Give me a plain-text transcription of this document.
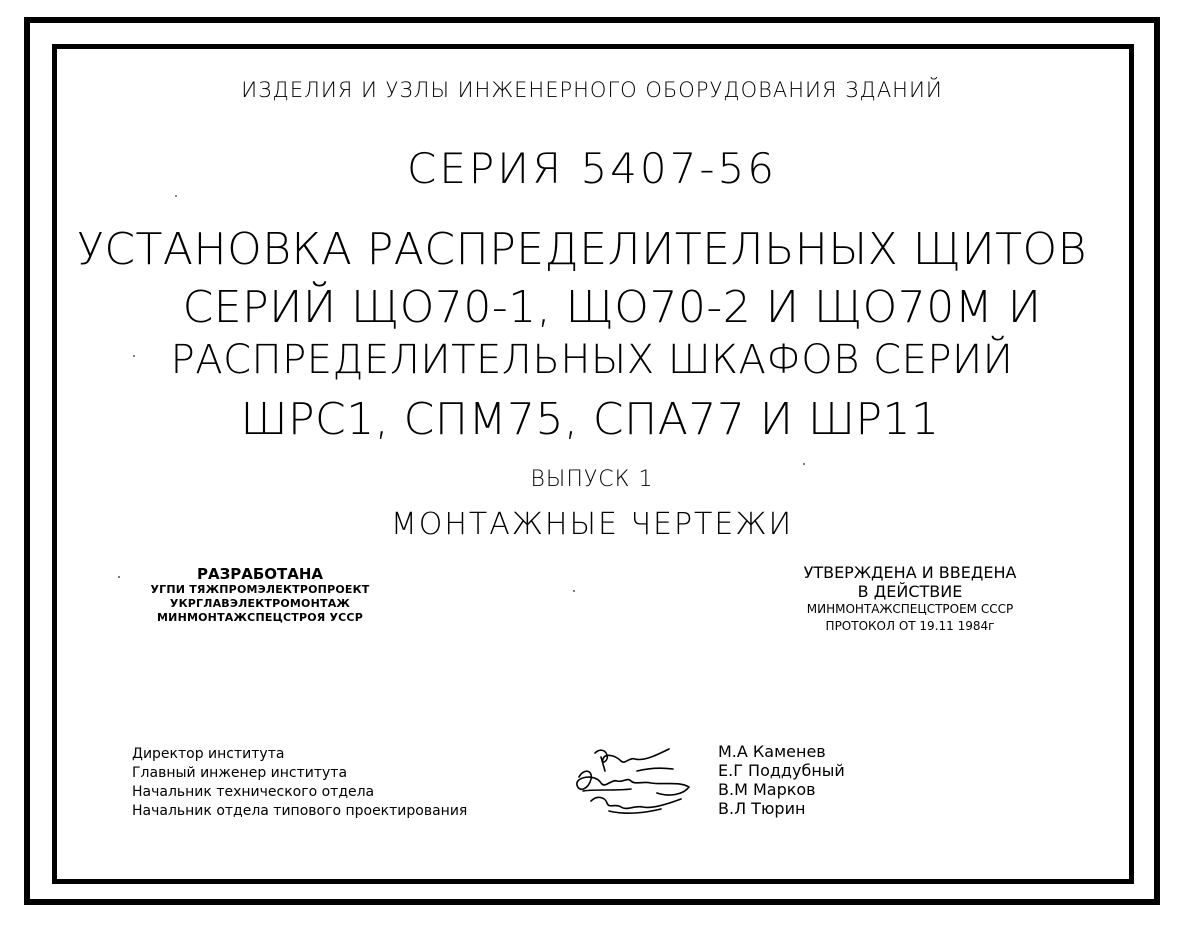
ИЗДЕЛИЯ И УЗЛЫ ИНЖЕНЕРНОГО ОБОРУДОВАНИЯ ЗДАНИЙ
СЕРИЯ 5407-56
УСТАНОВКА РАСПРЕДЕЛИТЕЛЬНЫХ ЩИТОВ
СЕРИЙ ЩО70-1, ЩО70-2 И ЩО70М И
РАСПРЕДЕЛИТЕЛЬНЫХ ШКАФОВ СЕРИЙ
ШРС1, СПМ75, СПА77 И ШР11
ВЫПУСК 1
МОНТАЖНЫЕ ЧЕРТЕЖИ
РАЗРАБОТАНА
УГПИ ТЯЖПРОМЭЛЕКТРОПРОЕКТ
УКРГЛАВЭЛЕКТРОМОНТАЖ
МИНМОНТАЖСПЕЦСТРОЯ УССР
УТВЕРЖДЕНА И ВВЕДЕНА
В ДЕЙСТВИЕ
МИНМОНТАЖСПЕЦСТРОЕМ СССР
ПРОТОКОЛ ОТ 19.11 1984г
Директор института
Главный инженер института
Начальник технического отдела
Начальник отдела типового проектирования
М.А Каменев
Е.Г Поддубный
В.М Марков
В.Л Тюрин
